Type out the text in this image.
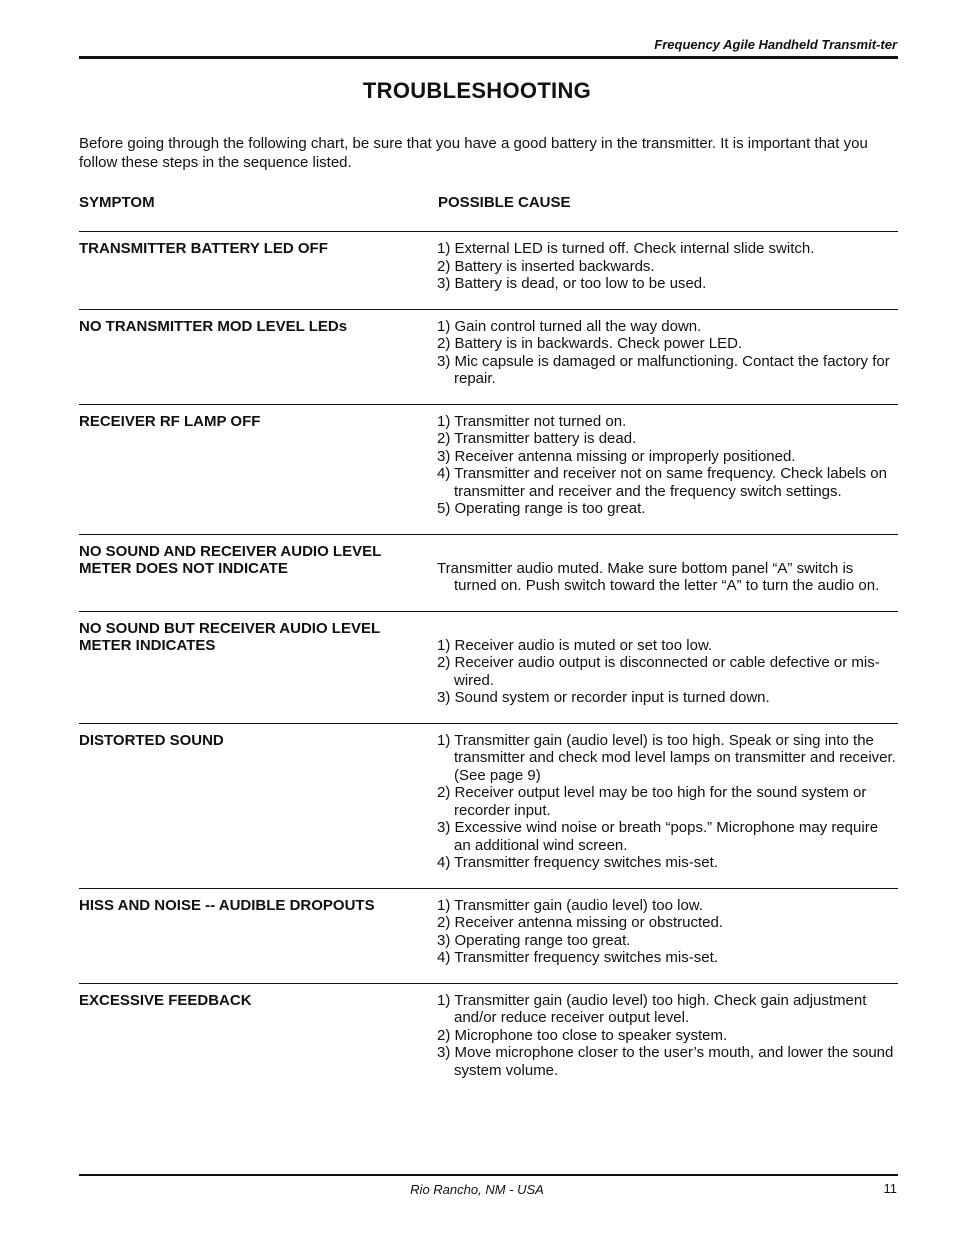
Frequency Agile Handheld Transmit-ter
TROUBLESHOOTING
Before going through the following chart, be sure that you have a good battery in the transmitter. It is important that you follow these steps in the sequence listed.
SYMPTOM	POSSIBLE CAUSE
TRANSMITTER BATTERY LED OFF	1) External LED is turned off. Check internal slide switch.
2) Battery is inserted backwards.
3) Battery is dead, or too low to be used.
NO TRANSMITTER MOD LEVEL LEDs	1) Gain control turned all the way down.
2) Battery is in backwards. Check power LED.
3) Mic capsule is damaged or malfunctioning. Contact the factory for repair.
RECEIVER RF LAMP OFF	1) Transmitter not turned on.
2) Transmitter battery is dead.
3) Receiver antenna missing or improperly positioned.
4) Transmitter and receiver not on same frequency. Check labels on transmitter and receiver and the frequency switch settings.
5) Operating range is too great.
NO SOUND AND RECEIVER AUDIO LEVEL
METER DOES NOT INDICATE	Transmitter audio muted. Make sure bottom panel “A” switch is turned on. Push switch toward the letter “A” to turn the audio on.
NO SOUND BUT RECEIVER AUDIO LEVEL
METER INDICATES	1) Receiver audio is muted or set too low.
2) Receiver audio output is disconnected or cable defective or mis-wired.
3) Sound system or recorder input is turned down.
DISTORTED SOUND	1) Transmitter gain (audio level) is too high. Speak or sing into the transmitter and check mod level lamps on transmitter and receiver. (See page 9)
2) Receiver output level may be too high for the sound system or recorder input.
3) Excessive wind noise or breath “pops.” Microphone may require an additional wind screen.
4) Transmitter frequency switches mis-set.
HISS AND NOISE -- AUDIBLE DROPOUTS	1) Transmitter gain (audio level) too low.
2) Receiver antenna missing or obstructed.
3) Operating range too great.
4) Transmitter frequency switches mis-set.
EXCESSIVE FEEDBACK	1) Transmitter gain (audio level) too high. Check gain adjustment and/or reduce receiver output level.
2) Microphone too close to speaker system.
3) Move microphone closer to the user’s mouth, and lower the sound system volume.
Rio Rancho, NM - USA	11
